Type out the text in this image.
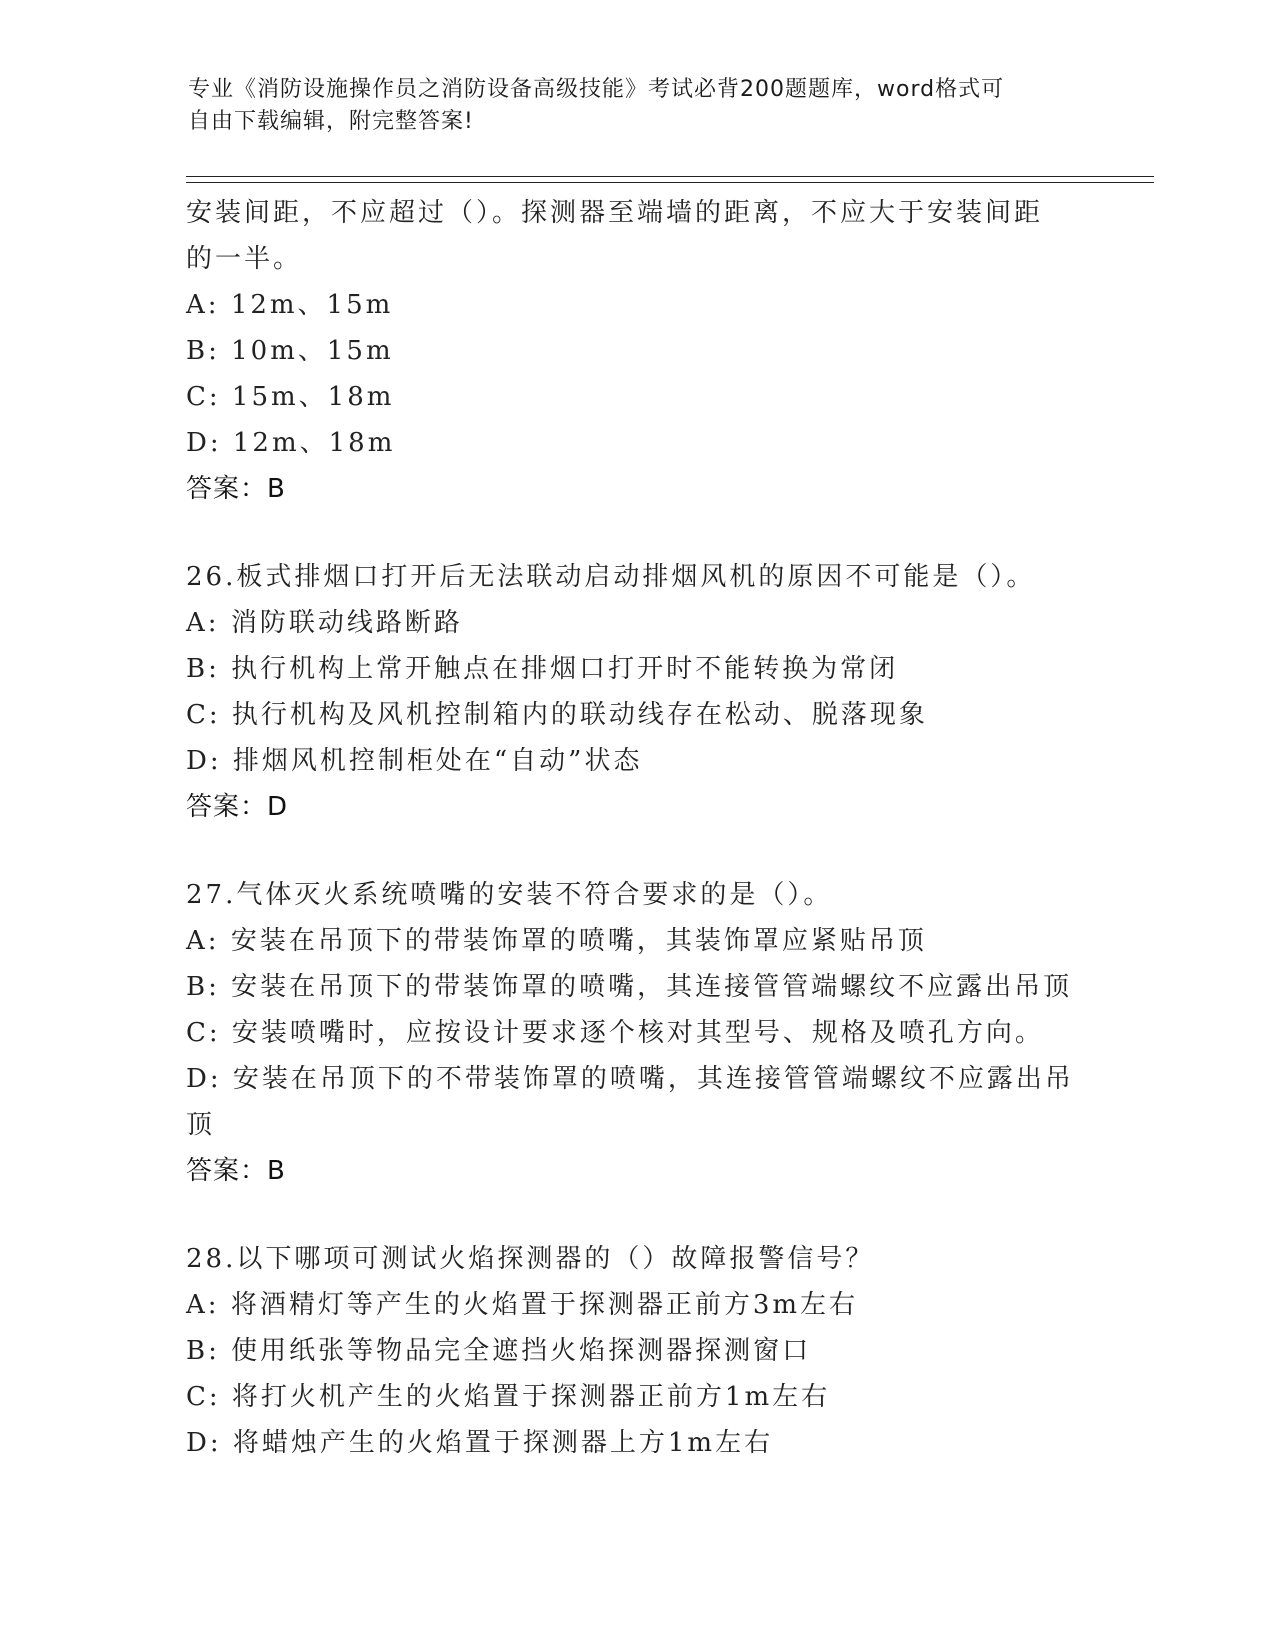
专业《消防设施操作员之消防设备高级技能》考试必背200题题库，word格式可
自由下载编辑，附完整答案!
安装间距，不应超过（）。探测器至端墙的距离，不应大于安装间距
的一半。
A: 12m、15m
B: 10m、15m
C: 15m、18m
D: 12m、18m
答案：B
26.板式排烟口打开后无法联动启动排烟风机的原因不可能是（）。
A: 消防联动线路断路
B: 执行机构上常开触点在排烟口打开时不能转换为常闭
C: 执行机构及风机控制箱内的联动线存在松动、脱落现象
D: 排烟风机控制柜处在“自动”状态
答案：D
27.气体灭火系统喷嘴的安装不符合要求的是（）。
A: 安装在吊顶下的带装饰罩的喷嘴，其装饰罩应紧贴吊顶
B: 安装在吊顶下的带装饰罩的喷嘴，其连接管管端螺纹不应露出吊顶
C: 安装喷嘴时，应按设计要求逐个核对其型号、规格及喷孔方向。
D: 安装在吊顶下的不带装饰罩的喷嘴，其连接管管端螺纹不应露出吊
顶
答案：B
28.以下哪项可测试火焰探测器的（）故障报警信号？
A: 将酒精灯等产生的火焰置于探测器正前方3m左右
B: 使用纸张等物品完全遮挡火焰探测器探测窗口
C: 将打火机产生的火焰置于探测器正前方1m左右
D: 将蜡烛产生的火焰置于探测器上方1m左右
